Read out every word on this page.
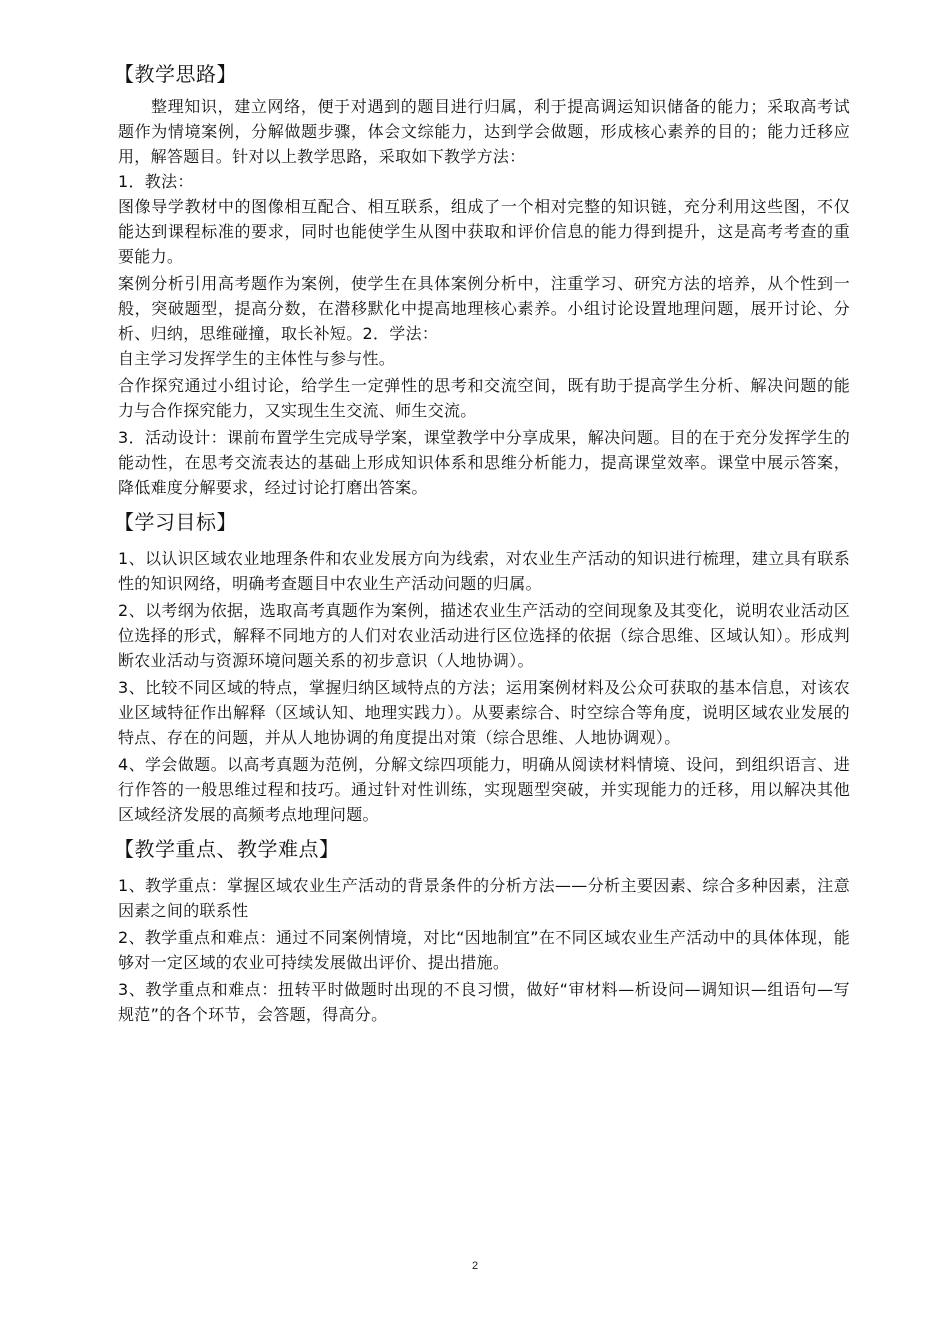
【教学思路】

整理知识，建立网络，便于对遇到的题目进行归属，利于提高调运知识储备的能力；采取高考试题作为情境案例，分解做题步骤，体会文综能力，达到学会做题，形成核心素养的目的；能力迁移应用，解答题目。针对以上教学思路，采取如下教学方法：

1．教法：

图像导学教材中的图像相互配合、相互联系，组成了一个相对完整的知识链，充分利用这些图，不仅能达到课程标准的要求，同时也能使学生从图中获取和评价信息的能力得到提升，这是高考考查的重要能力。

案例分析引用高考题作为案例，使学生在具体案例分析中，注重学习、研究方法的培养，从个性到一般，突破题型，提高分数，在潜移默化中提高地理核心素养。小组讨论设置地理问题，展开讨论、分析、归纳，思维碰撞，取长补短。2．学法：

自主学习发挥学生的主体性与参与性。

合作探究通过小组讨论，给学生一定弹性的思考和交流空间，既有助于提高学生分析、解决问题的能力与合作探究能力，又实现生生交流、师生交流。

3．活动设计：课前布置学生完成导学案，课堂教学中分享成果，解决问题。目的在于充分发挥学生的能动性，在思考交流表达的基础上形成知识体系和思维分析能力，提高课堂效率。课堂中展示答案，降低难度分解要求，经过讨论打磨出答案。

【学习目标】

1、以认识区域农业地理条件和农业发展方向为线索，对农业生产活动的知识进行梳理，建立具有联系性的知识网络，明确考查题目中农业生产活动问题的归属。

2、以考纲为依据，选取高考真题作为案例，描述农业生产活动的空间现象及其变化，说明农业活动区位选择的形式，解释不同地方的人们对农业活动进行区位选择的依据（综合思维、区域认知）。形成判断农业活动与资源环境问题关系的初步意识（人地协调）。

3、比较不同区域的特点，掌握归纳区域特点的方法；运用案例材料及公众可获取的基本信息，对该农业区域特征作出解释（区域认知、地理实践力）。从要素综合、时空综合等角度，说明区域农业发展的特点、存在的问题，并从人地协调的角度提出对策（综合思维、人地协调观）。

4、学会做题。以高考真题为范例，分解文综四项能力，明确从阅读材料情境、设问，到组织语言、进行作答的一般思维过程和技巧。通过针对性训练，实现题型突破，并实现能力的迁移，用以解决其他区域经济发展的高频考点地理问题。

【教学重点、教学难点】

1、教学重点：掌握区域农业生产活动的背景条件的分析方法——分析主要因素、综合多种因素，注意因素之间的联系性

2、教学重点和难点：通过不同案例情境，对比“因地制宜”在不同区域农业生产活动中的具体体现，能够对一定区域的农业可持续发展做出评价、提出措施。

3、教学重点和难点：扭转平时做题时出现的不良习惯，做好“审材料—析设问—调知识—组语句—写规范”的各个环节，会答题，得高分。

2
